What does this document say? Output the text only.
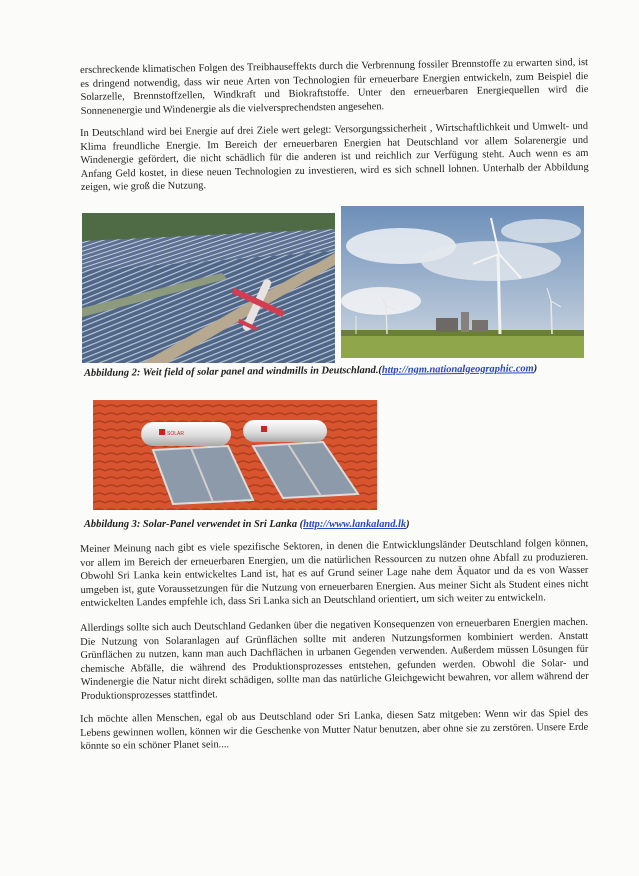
erschreckende klimatischen Folgen des Treibhauseffekts durch die Verbrennung fossiler Brennstoffe zu erwarten sind, ist es dringend notwendig, dass wir neue Arten von Technologien für erneuerbare Energien entwickeln, zum Beispiel die Solarzelle, Brennstoffzellen, Windkraft und Biokraftstoffe. Unter den erneuerbaren Energiequellen wird die Sonnenenergie und Windenergie als die vielversprechendsten angesehen.

In Deutschland wird bei Energie auf drei Ziele wert gelegt: Versorgungssicherheit , Wirtschaftlichkeit und Umwelt- und Klima freundliche Energie. Im Bereich der erneuerbaren Energien hat Deutschland vor allem Solarenergie und Windenergie gefördert, die nicht schädlich für die anderen ist und reichlich zur Verfügung steht. Auch wenn es am Anfang Geld kostet, in diese neuen Technologien zu investieren, wird es sich schnell lohnen. Unterhalb der Abbildung zeigen, wie groß die Nutzung.

Abbildung 2: Weit field of solar panel and windmills in Deutschland.(http://ngm.nationalgeographic.com)

SOLAR

Abbildung 3: Solar-Panel verwendet in Sri Lanka (http://www.lankaland.lk)

Meiner Meinung nach gibt es viele spezifische Sektoren, in denen die Entwicklungsländer Deutschland folgen können, vor allem im Bereich der erneuerbaren Energien, um die natürlichen Ressourcen zu nutzen ohne Abfall zu produzieren. Obwohl Sri Lanka kein entwickeltes Land ist, hat es auf Grund seiner Lage nahe dem Äquator und da es von Wasser umgeben ist, gute Voraussetzungen für die Nutzung von erneuerbaren Energien. Aus meiner Sicht als Student eines nicht entwickelten Landes empfehle ich, dass Sri Lanka sich an Deutschland orientiert, um sich weiter zu entwickeln.

Allerdings sollte sich auch Deutschland Gedanken über die negativen Konsequenzen von erneuerbaren Energien machen. Die Nutzung von Solaranlagen auf Grünflächen sollte mit anderen Nutzungsformen kombiniert werden. Anstatt Grünflächen zu nutzen, kann man auch Dachflächen in urbanen Gegenden verwenden. Außerdem müssen Lösungen für chemische Abfälle, die während des Produktionsprozesses entstehen, gefunden werden. Obwohl die Solar- und Windenergie die Natur nicht direkt schädigen, sollte man das natürliche Gleichgewicht bewahren, vor allem während der Produktionsprozesses stattfindet.

Ich möchte allen Menschen, egal ob aus Deutschland oder Sri Lanka, diesen Satz mitgeben: Wenn wir das Spiel des Lebens gewinnen wollen, können wir die Geschenke von Mutter Natur benutzen, aber ohne sie zu zerstören. Unsere Erde könnte so ein schöner Planet sein....
